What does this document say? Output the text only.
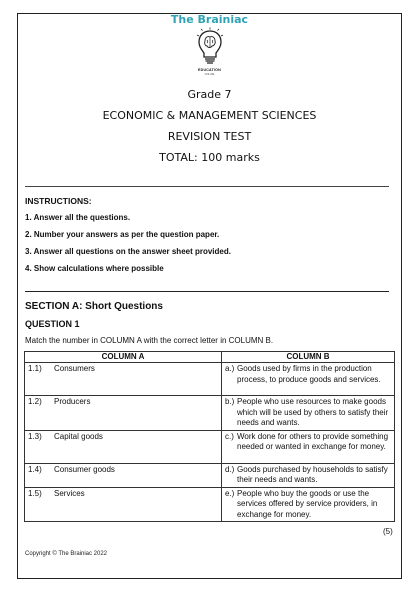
The Brainiac
EDUCATION
ONLINE
Grade 7
ECONOMIC & MANAGEMENT SCIENCES
REVISION TEST
TOTAL: 100 marks
INSTRUCTIONS:
1. Answer all the questions.
2. Number your answers as per the question paper.
3. Answer all questions on the answer sheet provided.
4. Show calculations where possible
SECTION A: Short Questions
QUESTION 1
Match the number in COLUMN A with the correct letter in COLUMN B.
COLUMN A	COLUMN B
1.1) Consumers	a.) Goods used by firms in the production process, to produce goods and services.

1.2) Producers	b.) People who use resources to make goods which will be used by others to satisfy their needs and wants.

1.3) Capital goods	c.) Work done for others to provide something needed or wanted in exchange for money.

1.4) Consumer goods	d.) Goods purchased by households to satisfy their needs and wants.

1.5) Services	e.) People who buy the goods or use the services offered by service providers, in exchange for money.
(5)
Copyright © The Brainiac 2022
